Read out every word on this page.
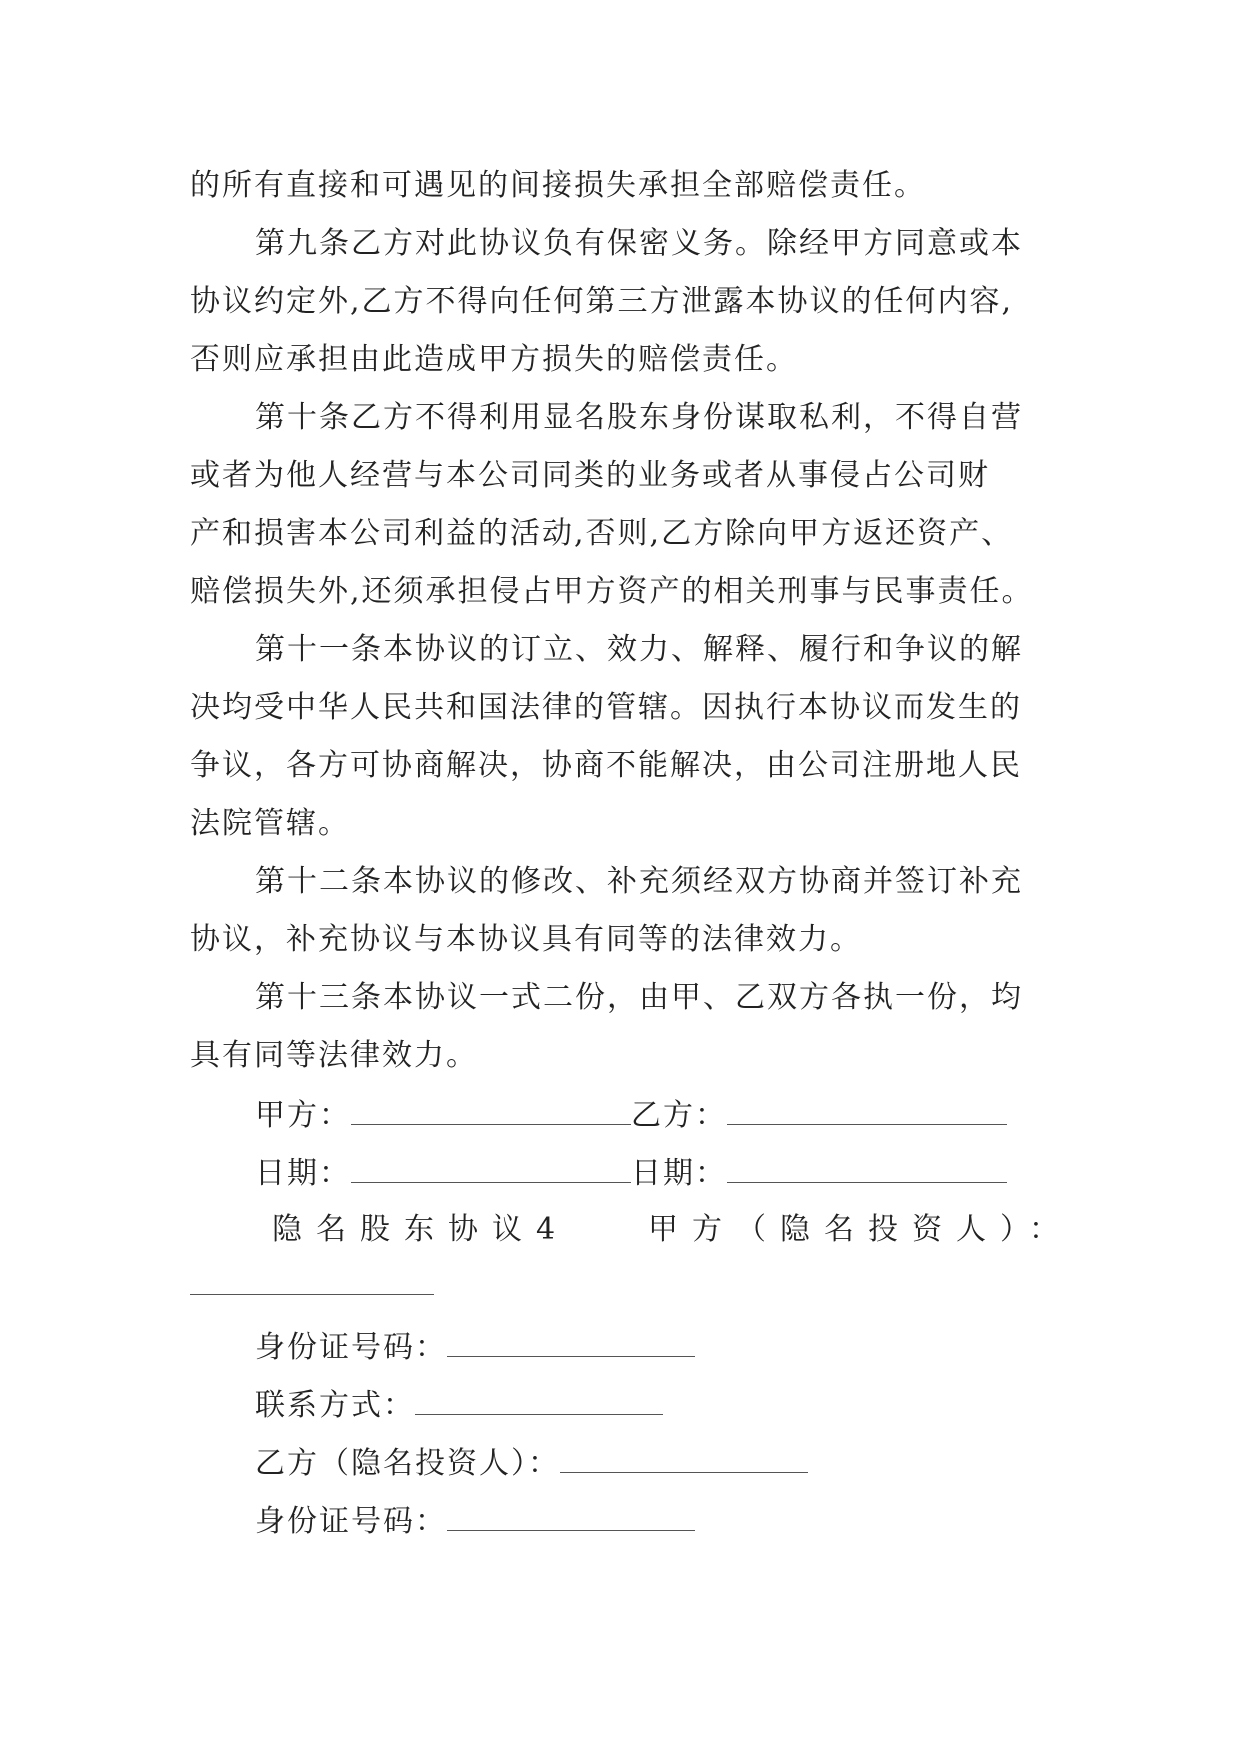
的所有直接和可遇见的间接损失承担全部赔偿责任。
第九条乙方对此协议负有保密义务。除经甲方同意或本
协议约定外,乙方不得向任何第三方泄露本协议的任何内容,
否则应承担由此造成甲方损失的赔偿责任。
第十条乙方不得利用显名股东身份谋取私利，不得自营
或者为他人经营与本公司同类的业务或者从事侵占公司财
产和损害本公司利益的活动,否则,乙方除向甲方返还资产、
赔偿损失外,还须承担侵占甲方资产的相关刑事与民事责任。
第十一条本协议的订立、效力、解释、履行和争议的解
决均受中华人民共和国法律的管辖。因执行本协议而发生的
争议，各方可协商解决，协商不能解决，由公司注册地人民
法院管辖。
第十二条本协议的修改、补充须经双方协商并签订补充
协议，补充协议与本协议具有同等的法律效力。
第十三条本协议一式二份，由甲、乙双方各执一份，均
具有同等法律效力。
甲方：	乙方：
日期：	日期：
隐名股东协议4	甲方（隐名投资人）：
身份证号码：
联系方式：
乙方（隐名投资人）：
身份证号码：
